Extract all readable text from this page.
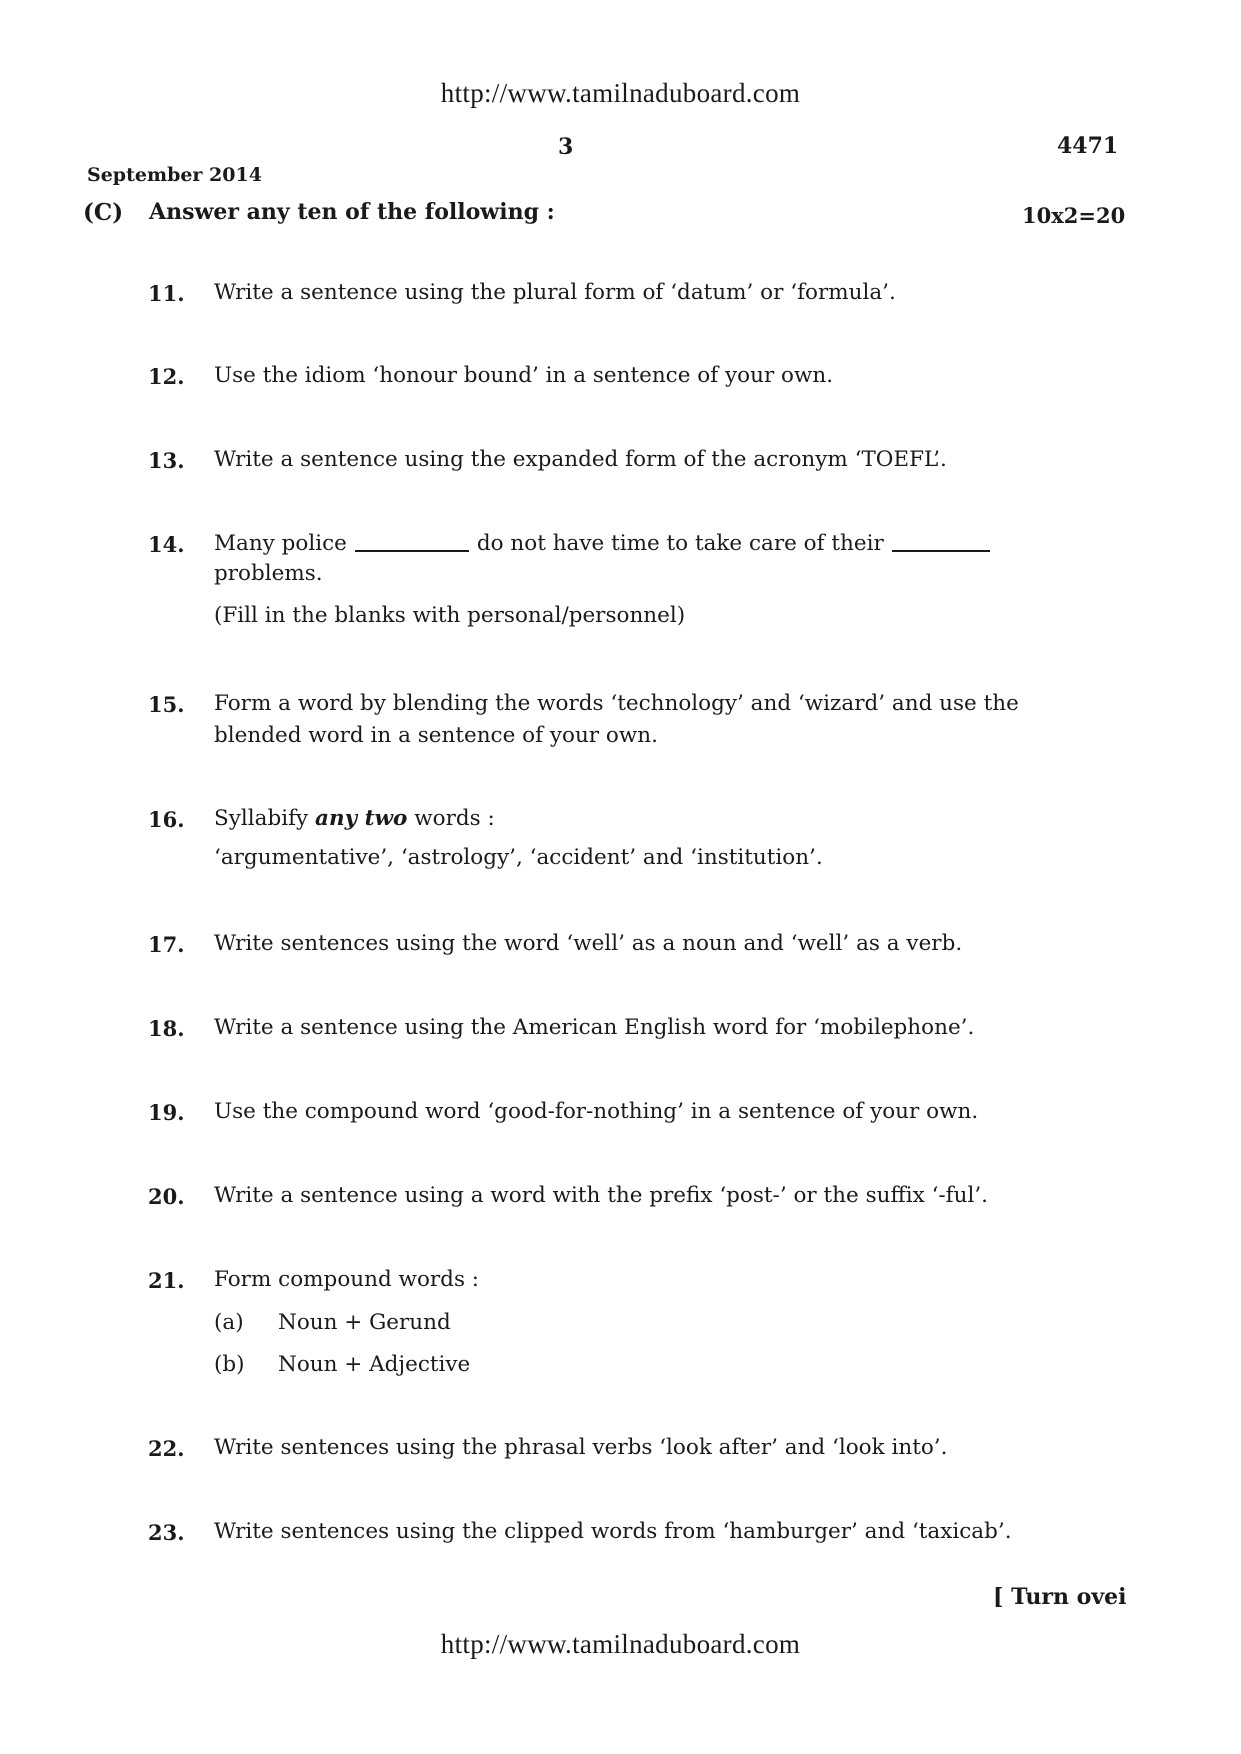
http://www.tamilnaduboard.com
3	4471
September 2014
(C) Answer any ten of the following :	10x2=20
11. Write a sentence using the plural form of ‘datum’ or ‘formula’.
12. Use the idiom ‘honour bound’ in a sentence of your own.
13. Write a sentence using the expanded form of the acronym ‘TOEFL’.
14. Many police	do not have time to take care of their
problems.
(Fill in the blanks with personal/personnel)
15. Form a word by blending the words ‘technology’ and ‘wizard’ and use the blended word in a sentence of your own.
16. Syllabify any two words :
‘argumentative’, ‘astrology’, ‘accident’ and ‘institution’.
17. Write sentences using the word ‘well’ as a noun and ‘well’ as a verb.
18. Write a sentence using the American English word for ‘mobilephone’.
19. Use the compound word ‘good-for-nothing’ in a sentence of your own.
20. Write a sentence using a word with the prefix ‘post-’ or the suffix ‘-ful’.
21. Form compound words :
(a) Noun + Gerund
(b) Noun + Adjective
22. Write sentences using the phrasal verbs ‘look after’ and ‘look into’.
23. Write sentences using the clipped words from ‘hamburger’ and ‘taxicab’.
[ Turn ovei
http://www.tamilnaduboard.com
